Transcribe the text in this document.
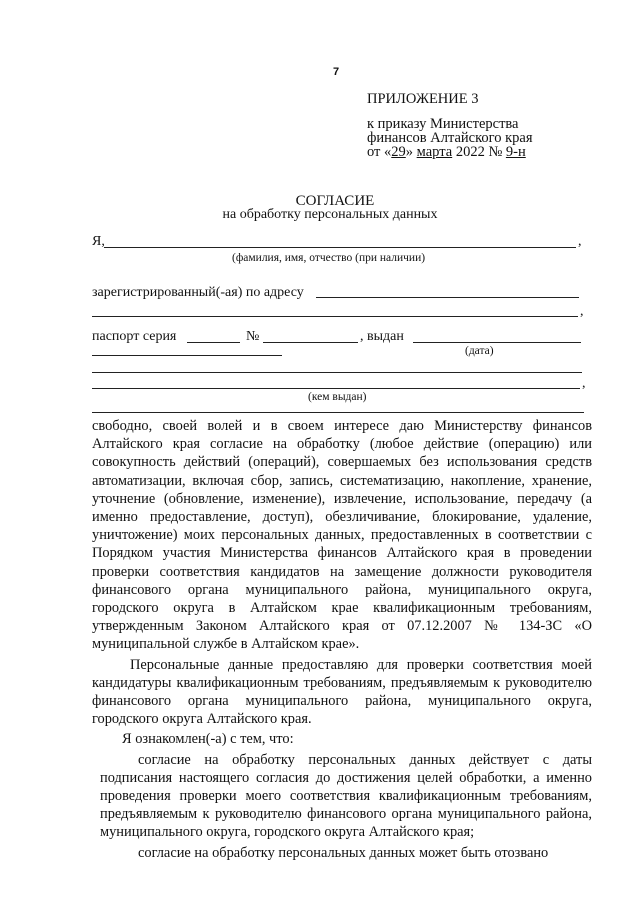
7
ПРИЛОЖЕНИЕ 3
к приказу Министерства
финансов Алтайского края
от «29» марта 2022 № 9-н
СОГЛАСИЕ
на обработку персональных данных
Я,	,
(фамилия, имя, отчество (при наличии)
зарегистрированный(-ая) по адресу
,
паспорт серия	№	, выдан
(дата)
,
(кем выдан)

свободно, своей волей и в своем интересе даю Министерству финансов Алтайского края согласие на обработку (любое действие (операцию) или совокупность действий (операций), совершаемых без использования средств автоматизации, включая сбор, запись, систематизацию, накопление, хранение, уточнение (обновление, изменение), извлечение, использование, передачу (а именно предоставление, доступ), обезличивание, блокирование, удаление, уничтожение) моих персональных данных, предоставленных в соответствии с Порядком участия Министерства финансов Алтайского края в проведении проверки соответствия кандидатов на замещение должности руководителя финансового органа муниципального района, муниципального округа, городского округа в Алтайском крае квалификационным требованиям, утвержденным Законом Алтайского края от 07.12.2007 № 134-ЗС «О муниципальной службе в Алтайском крае».

Персональные данные предоставляю для проверки соответствия моей кандидатуры квалификационным требованиям, предъявляемым к руководителю финансового органа муниципального района, муниципального округа, городского округа Алтайского края.

Я ознакомлен(-а) с тем, что:

согласие на обработку персональных данных действует с даты подписания настоящего согласия до достижения целей обработки, а именно проведения проверки моего соответствия квалификационным требованиям, предъявляемым к руководителю финансового органа муниципального района, муниципального округа, городского округа Алтайского края;

согласие на обработку персональных данных может быть отозвано
